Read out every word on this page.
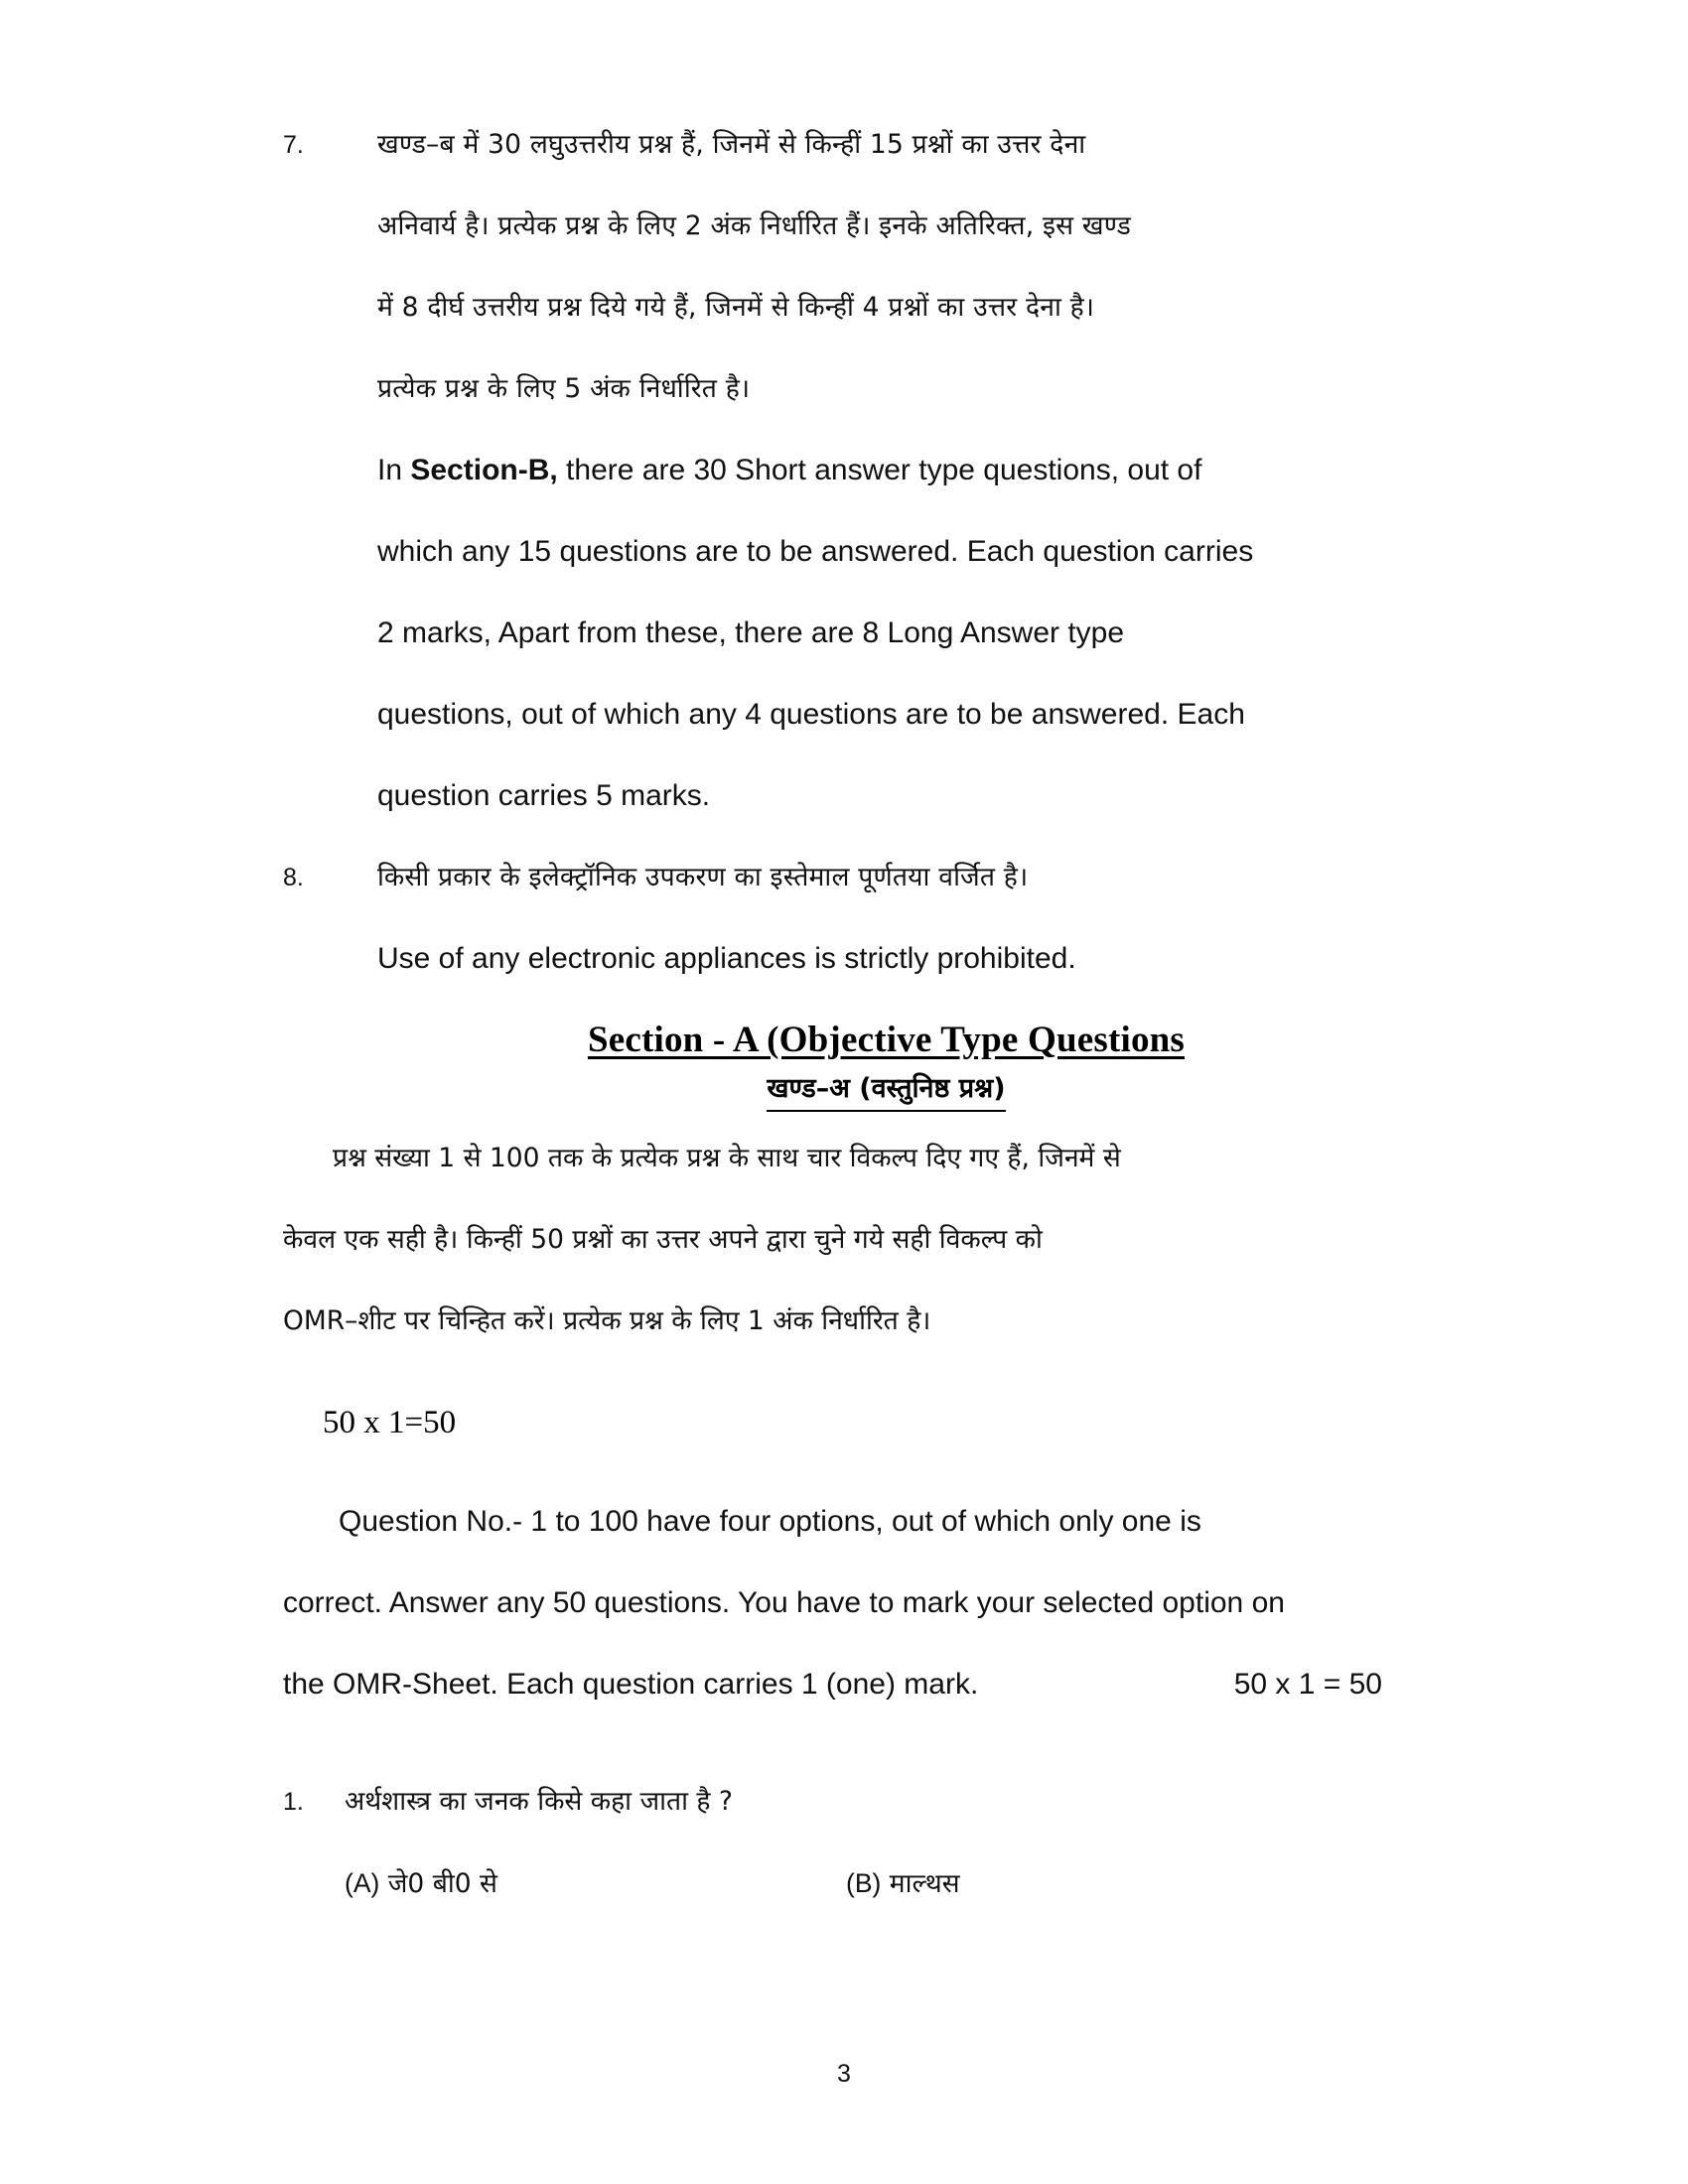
7.	खण्ड–ब में 30 लघुउत्तरीय प्रश्न हैं, जिनमें से किन्हीं 15 प्रश्नों का उत्तर देना
अनिवार्य है। प्रत्येक प्रश्न के लिए 2 अंक निर्धारित हैं। इनके अतिरिक्त, इस खण्ड
में 8 दीर्घ उत्तरीय प्रश्न दिये गये हैं, जिनमें से किन्हीं 4 प्रश्नों का उत्तर देना है।
प्रत्येक प्रश्न के लिए 5 अंक निर्धारित है।
In Section-B, there are 30 Short answer type questions, out of
which any 15 questions are to be answered. Each question carries
2 marks, Apart from these, there are 8 Long Answer type
questions, out of which any 4 questions are to be answered. Each
question carries 5 marks.
8.	किसी प्रकार के इलेक्ट्रॉनिक उपकरण का इस्तेमाल पूर्णतया वर्जित है।
Use of any electronic appliances is strictly prohibited.
Section - A (Objective Type Questions
खण्ड–अ (वस्तुनिष्ठ प्रश्न)
प्रश्न संख्या 1 से 100 तक के प्रत्येक प्रश्न के साथ चार विकल्प दिए गए हैं, जिनमें से
केवल एक सही है। किन्हीं 50 प्रश्नों का उत्तर अपने द्वारा चुने गये सही विकल्प को
OMR–शीट पर चिन्हित करें। प्रत्येक प्रश्न के लिए 1 अंक निर्धारित है।
50 x 1=50
Question No.- 1 to 100 have four options, out of which only one is
correct. Answer any 50 questions. You have to mark your selected option on
the OMR-Sheet. Each question carries 1 (one) mark.	50 x 1 = 50
1.	अर्थशास्त्र का जनक किसे कहा जाता है ?
(A) जे0 बी0 से	(B) माल्थस
3
